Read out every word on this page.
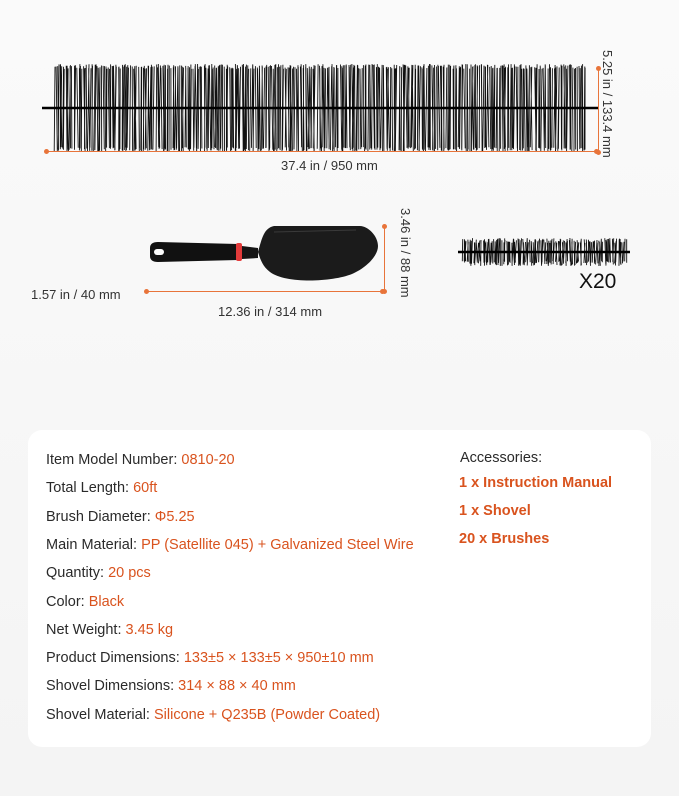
37.4 in / 950 mm
5.25 in / 133.4 mm
12.36 in / 314 mm
3.46 in / 88 mm
1.57 in / 40 mm
X20
Item Model Number: 0810-20
Total Length: 60ft
Brush Diameter: Φ5.25
Main Material: PP (Satellite 045) + Galvanized Steel Wire
Quantity: 20 pcs
Color: Black
Net Weight: 3.45 kg
Product Dimensions: 133±5 × 133±5 × 950±10 mm
Shovel Dimensions: 314 × 88 × 40 mm
Shovel Material: Silicone + Q235B (Powder Coated)
Accessories:
1 x Instruction Manual
1 x Shovel
20 x Brushes
